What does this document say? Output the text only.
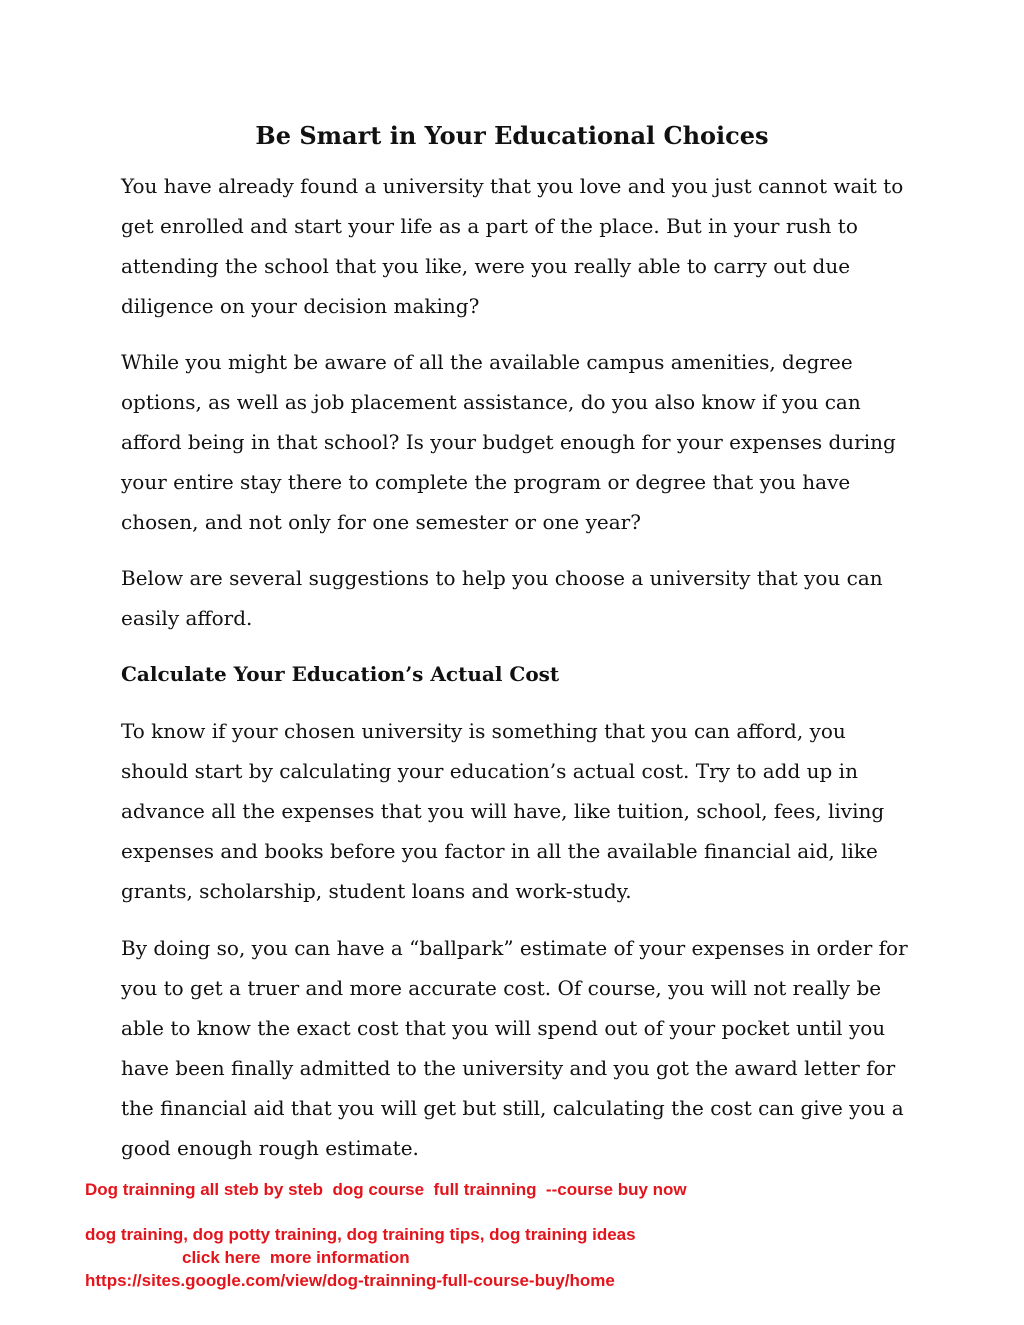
Be Smart in Your Educational Choices

You have already found a university that you love and you just cannot wait to get enrolled and start your life as a part of the place. But in your rush to attending the school that you like, were you really able to carry out due diligence on your decision making?

While you might be aware of all the available campus amenities, degree options, as well as job placement assistance, do you also know if you can afford being in that school? Is your budget enough for your expenses during your entire stay there to complete the program or degree that you have chosen, and not only for one semester or one year?

Below are several suggestions to help you choose a university that you can easily afford.

Calculate Your Education’s Actual Cost

To know if your chosen university is something that you can afford, you should start by calculating your education’s actual cost. Try to add up in advance all the expenses that you will have, like tuition, school, fees, living expenses and books before you factor in all the available financial aid, like grants, scholarship, student loans and work-study.

By doing so, you can have a “ballpark” estimate of your expenses in order for you to get a truer and more accurate cost. Of course, you will not really be able to know the exact cost that you will spend out of your pocket until you have been finally admitted to the university and you got the award letter for the financial aid that you will get but still, calculating the cost can give you a good enough rough estimate.

Dog trainning all steb by steb  dog course  full trainning  --course buy now

dog training, dog potty training, dog training tips, dog training ideas

click here  more information

https://sites.google.com/view/dog-trainning-full-course-buy/home
